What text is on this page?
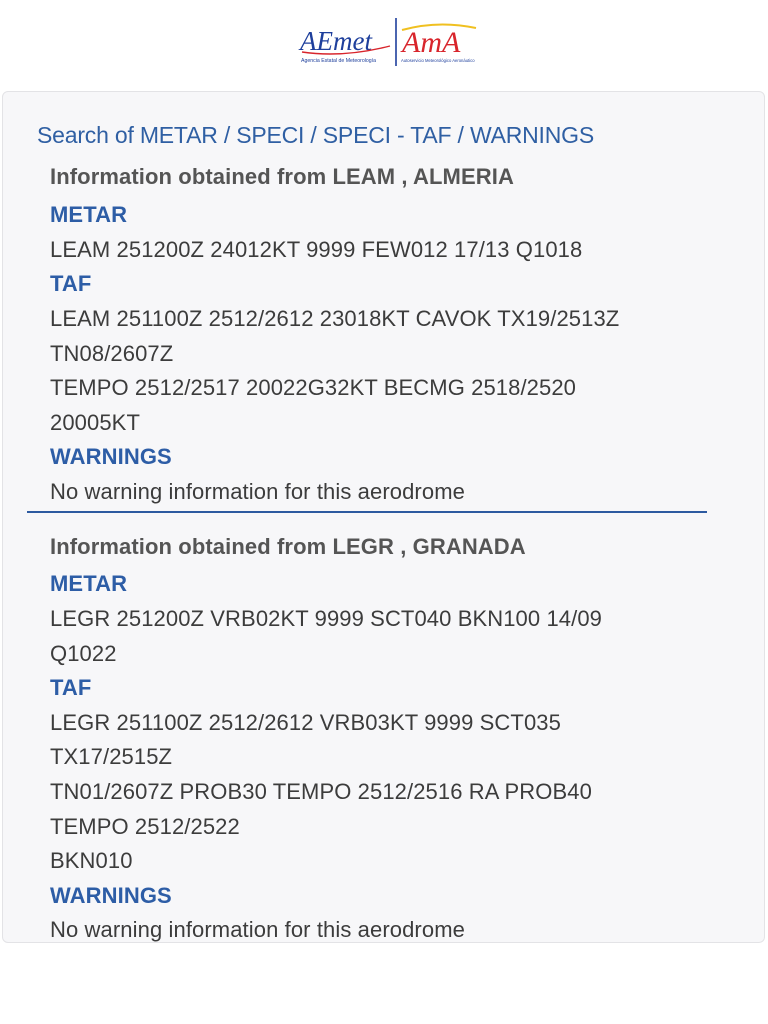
AEmet
Agencia Estatal de Meteorología
AmA
Autoservicio Meteorológico Aeronáutico
Search of METAR / SPECI / SPECI - TAF / WARNINGS
Information obtained from LEAM , ALMERIA
METAR
LEAM 251200Z 24012KT 9999 FEW012 17/13 Q1018
TAF
LEAM 251100Z 2512/2612 23018KT CAVOK TX19/2513Z
TN08/2607Z
TEMPO 2512/2517 20022G32KT BECMG 2518/2520
20005KT
WARNINGS
No warning information for this aerodrome
Information obtained from LEGR , GRANADA
METAR
LEGR 251200Z VRB02KT 9999 SCT040 BKN100 14/09
Q1022
TAF
LEGR 251100Z 2512/2612 VRB03KT 9999 SCT035
TX17/2515Z
TN01/2607Z PROB30 TEMPO 2512/2516 RA PROB40
TEMPO 2512/2522
BKN010
WARNINGS
No warning information for this aerodrome
